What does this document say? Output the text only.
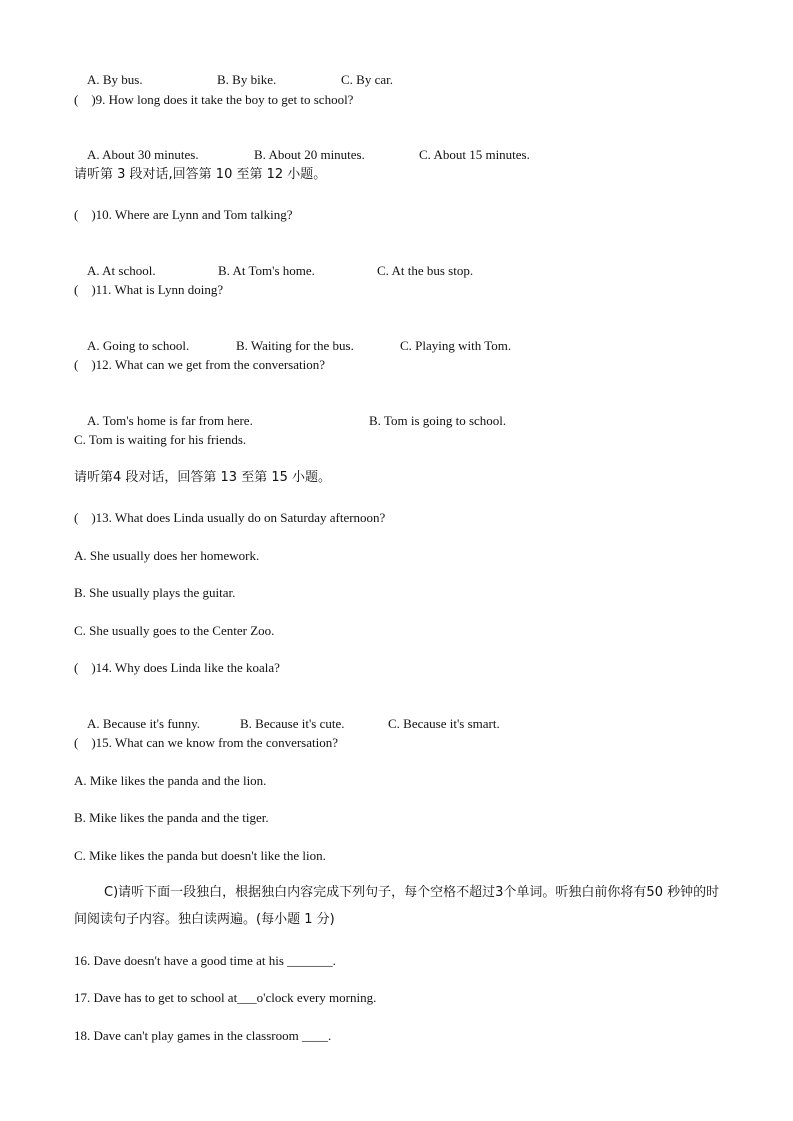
A. By bus.	B. By bike.	C. By car.

(    )9. How long does it take the boy to get to school?

A. About 30 minutes.	B. About 20 minutes.	C. About 15 minutes.

请听第 3 段对话,回答第 10 至第 12 小题。
(    )10. Where are Lynn and Tom talking?

A. At school.	B. At Tom's home.	C. At the bus stop.

(    )11. What is Lynn doing?

A. Going to school.	B. Waiting for the bus.	C. Playing with Tom.

(    )12. What can we get from the conversation?

A. Tom's home is far from here.	B. Tom is going to school.

C. Tom is waiting for his friends.
请听第4 段对话，回答第 13 至第 15 小题。
(    )13. What does Linda usually do on Saturday afternoon?
A. She usually does her homework.
B. She usually plays the guitar.
C. She usually goes to the Center Zoo.
(    )14. Why does Linda like the koala?

A. Because it's funny.	B. Because it's cute.	C. Because it's smart.

(    )15. What can we know from the conversation?
A. Mike likes the panda and the lion.
B. Mike likes the panda and the tiger.
C. Mike likes the panda but doesn't like the lion.
C)请听下面一段独白，根据独白内容完成下列句子，每个空格不超过3个单词。听独白前你将有50 秒钟的时间阅读句子内容。独白读两遍。(每小题 1 分)
16. Dave doesn't have a good time at his _______.
17. Dave has to get to school at___o'clock every morning.
18. Dave can't play games in the classroom ____.
